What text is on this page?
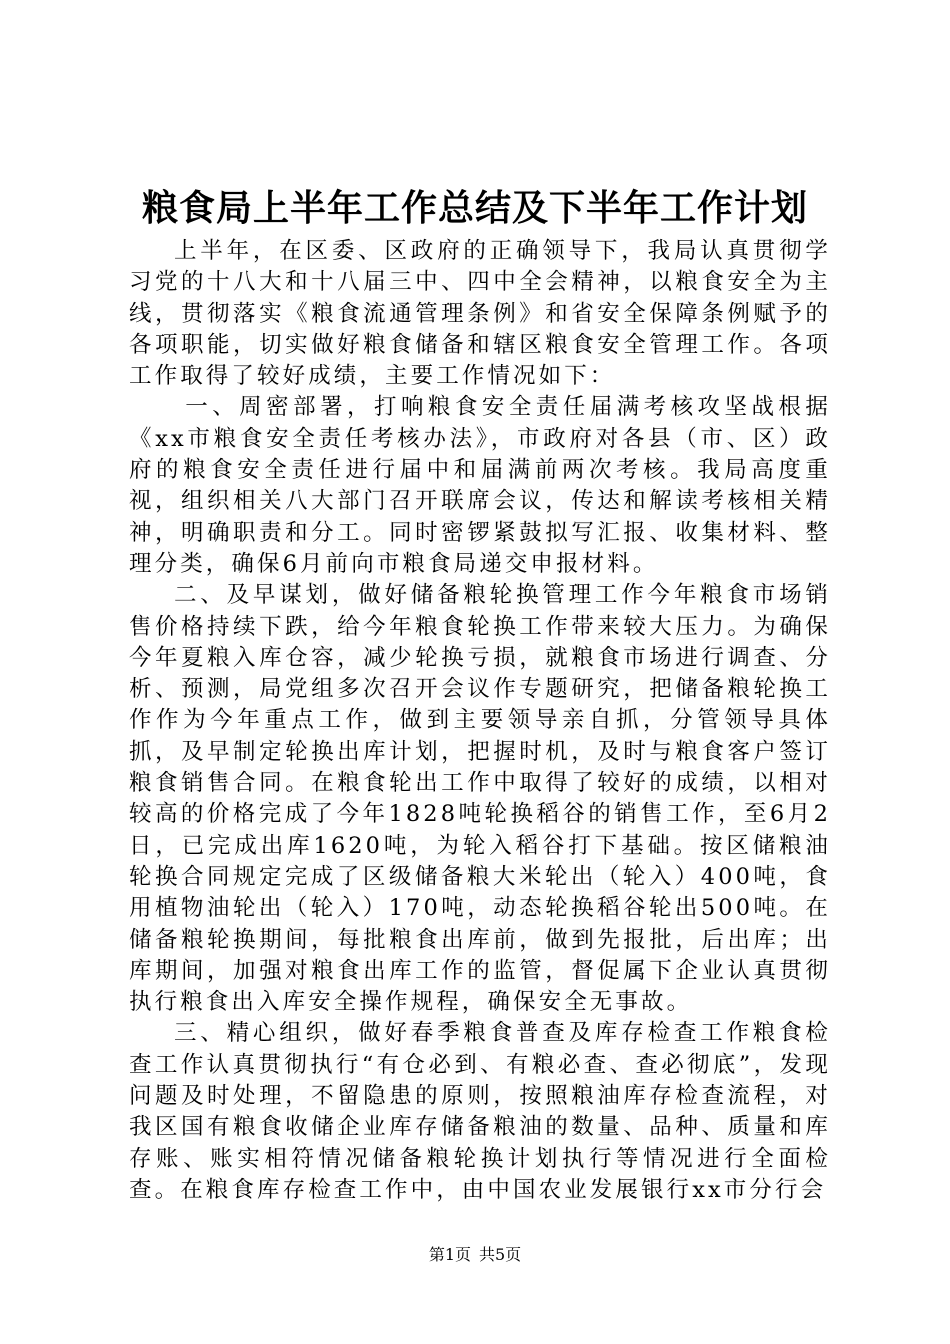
粮食局上半年工作总结及下半年工作计划

上半年，在区委、区政府的正确领导下，我局认真贯彻学习党的十八大和十八届三中、四中全会精神，以粮食安全为主线，贯彻落实《粮食流通管理条例》和省安全保障条例赋予的各项职能，切实做好粮食储备和辖区粮食安全管理工作。各项工作取得了较好成绩，主要工作情况如下：

一、周密部署，打响粮食安全责任届满考核攻坚战根据《xx市粮食安全责任考核办法》，市政府对各县（市、区）政府的粮食安全责任进行届中和届满前两次考核。我局高度重视，组织相关八大部门召开联席会议，传达和解读考核相关精神，明确职责和分工。同时密锣紧鼓拟写汇报、收集材料、整理分类，确保6月前向市粮食局递交申报材料。

二、及早谋划，做好储备粮轮换管理工作今年粮食市场销售价格持续下跌，给今年粮食轮换工作带来较大压力。为确保今年夏粮入库仓容，减少轮换亏损，就粮食市场进行调查、分析、预测，局党组多次召开会议作专题研究，把储备粮轮换工作作为今年重点工作，做到主要领导亲自抓，分管领导具体抓，及早制定轮换出库计划，把握时机，及时与粮食客户签订粮食销售合同。在粮食轮出工作中取得了较好的成绩，以相对较高的价格完成了今年1828吨轮换稻谷的销售工作，至6月2日，已完成出库1620吨，为轮入稻谷打下基础。按区储粮油轮换合同规定完成了区级储备粮大米轮出（轮入）400吨，食用植物油轮出（轮入）170吨，动态轮换稻谷轮出500吨。在储备粮轮换期间，每批粮食出库前，做到先报批，后出库；出库期间，加强对粮食出库工作的监管，督促属下企业认真贯彻执行粮食出入库安全操作规程，确保安全无事故。

三、精心组织，做好春季粮食普查及库存检查工作粮食检查工作认真贯彻执行“有仓必到、有粮必查、查必彻底”，发现问题及时处理，不留隐患的原则，按照粮油库存检查流程，对我区国有粮食收储企业库存储备粮油的数量、品种、质量和库存账、账实相符情况储备粮轮换计划执行等情况进行全面检查。在粮食库存检查工作中，由中国农业发展银行xx市分行会

第1页 共5页
